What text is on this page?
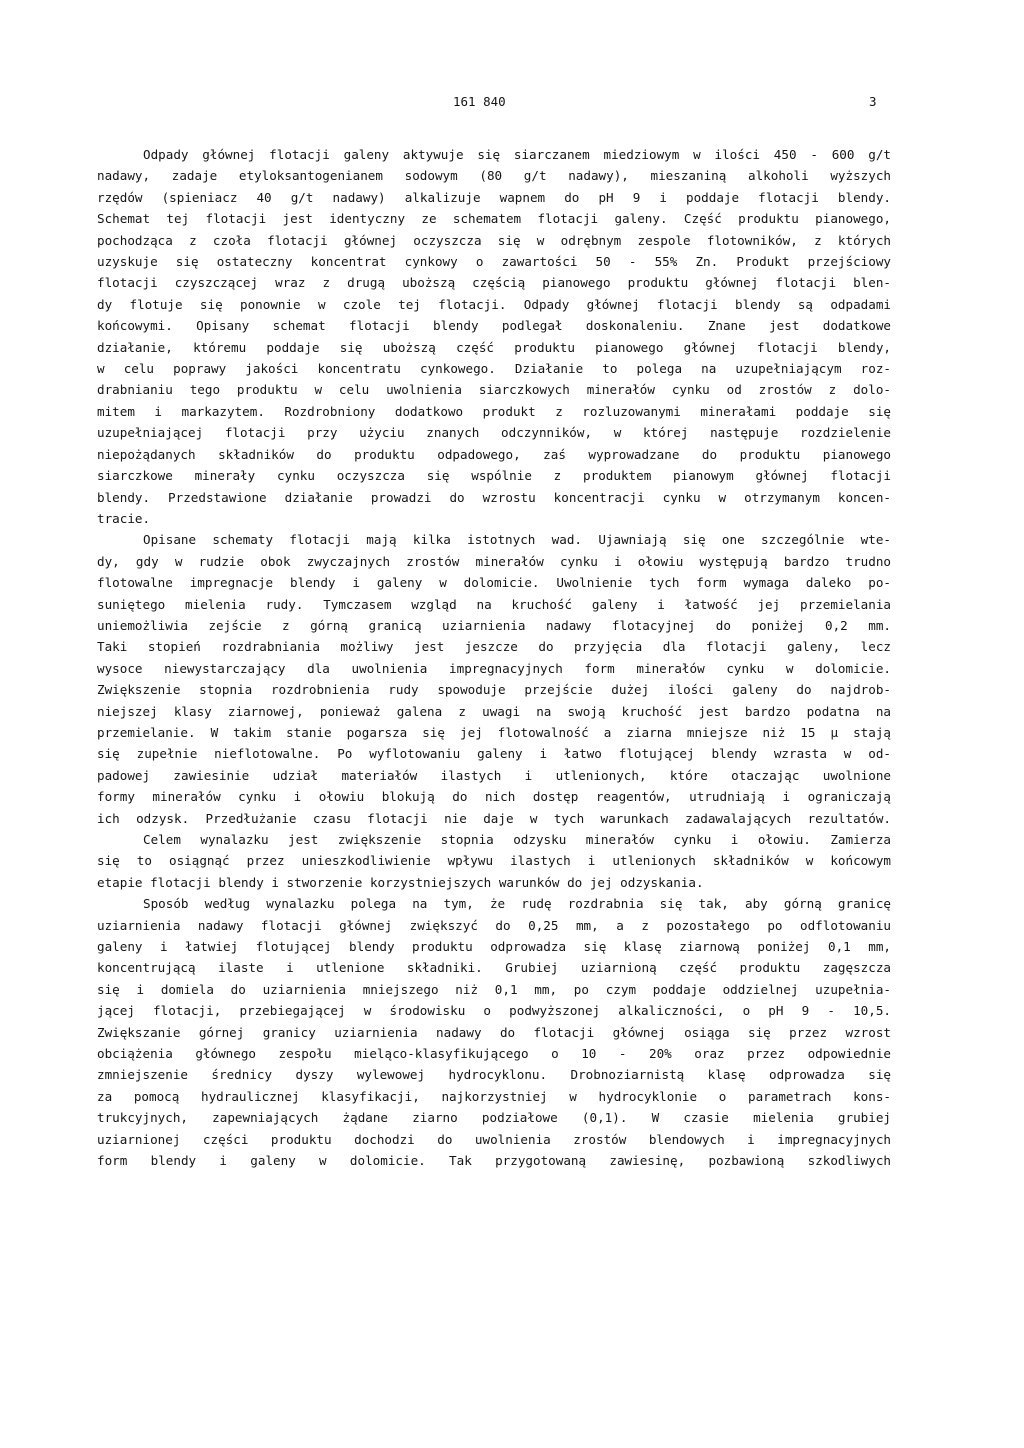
161 840	3
Odpady głównej flotacji galeny aktywuje się siarczanem miedziowym w ilości 450 - 600 g/t
nadawy, zadaje etyloksantogenianem sodowym (80 g/t nadawy), mieszaniną alkoholi wyższych
rzędów (spieniacz 40 g/t nadawy) alkalizuje wapnem do pH 9 i poddaje flotacji blendy.
Schemat tej flotacji jest identyczny ze schematem flotacji galeny. Część produktu pianowego,
pochodząca z czoła flotacji głównej oczyszcza się w odrębnym zespole flotowników, z których
uzyskuje się ostateczny koncentrat cynkowy o zawartości 50 - 55% Zn. Produkt przejściowy
flotacji czyszczącej wraz z drugą uboższą częścią pianowego produktu głównej flotacji blen-
dy flotuje się ponownie w czole tej flotacji. Odpady głównej flotacji blendy są odpadami
końcowymi. Opisany schemat flotacji blendy podlegał doskonaleniu. Znane jest dodatkowe
działanie, któremu poddaje się uboższą część produktu pianowego głównej flotacji blendy,
w celu poprawy jakości koncentratu cynkowego. Działanie to polega na uzupełniającym roz-
drabnianiu tego produktu w celu uwolnienia siarczkowych minerałów cynku od zrostów z dolo-
mitem i markazytem. Rozdrobniony dodatkowo produkt z rozluzowanymi minerałami poddaje się
uzupełniającej flotacji przy użyciu znanych odczynników, w której następuje rozdzielenie
niepożądanych składników do produktu odpadowego, zaś wyprowadzane do produktu pianowego
siarczkowe minerały cynku oczyszcza się wspólnie z produktem pianowym głównej flotacji
blendy. Przedstawione działanie prowadzi do wzrostu koncentracji cynku w otrzymanym koncen-
tracie.
Opisane schematy flotacji mają kilka istotnych wad. Ujawniają się one szczególnie wte-
dy, gdy w rudzie obok zwyczajnych zrostów minerałów cynku i ołowiu występują bardzo trudno
flotowalne impregnacje blendy i galeny w dolomicie. Uwolnienie tych form wymaga daleko po-
suniętego mielenia rudy. Tymczasem wzgląd na kruchość galeny i łatwość jej przemielania
uniemożliwia zejście z górną granicą uziarnienia nadawy flotacyjnej do poniżej 0,2 mm.
Taki stopień rozdrabniania możliwy jest jeszcze do przyjęcia dla flotacji galeny, lecz
wysoce niewystarczający dla uwolnienia impregnacyjnych form minerałów cynku w dolomicie.
Zwiększenie stopnia rozdrobnienia rudy spowoduje przejście dużej ilości galeny do najdrob-
niejszej klasy ziarnowej, ponieważ galena z uwagi na swoją kruchość jest bardzo podatna na
przemielanie. W takim stanie pogarsza się jej flotowalność a ziarna mniejsze niż 15 µ stają
się zupełnie nieflotowalne. Po wyflotowaniu galeny i łatwo flotującej blendy wzrasta w od-
padowej zawiesinie udział materiałów ilastych i utlenionych, które otaczając uwolnione
formy minerałów cynku i ołowiu blokują do nich dostęp reagentów, utrudniają i ograniczają
ich odzysk. Przedłużanie czasu flotacji nie daje w tych warunkach zadawalających rezultatów.
Celem wynalazku jest zwiększenie stopnia odzysku minerałów cynku i ołowiu. Zamierza
się to osiągnąć przez unieszkodliwienie wpływu ilastych i utlenionych składników w końcowym
etapie flotacji blendy i stworzenie korzystniejszych warunków do jej odzyskania.
Sposób według wynalazku polega na tym, że rudę rozdrabnia się tak, aby górną granicę
uziarnienia nadawy flotacji głównej zwiększyć do 0,25 mm, a z pozostałego po odflotowaniu
galeny i łatwiej flotującej blendy produktu odprowadza się klasę ziarnową poniżej 0,1 mm,
koncentrującą ilaste i utlenione składniki. Grubiej uziarnioną część produktu zagęszcza
się i domiela do uziarnienia mniejszego niż 0,1 mm, po czym poddaje oddzielnej uzupełnia-
jącej flotacji, przebiegającej w środowisku o podwyższonej alkaliczności, o pH 9 - 10,5.
Zwiększanie górnej granicy uziarnienia nadawy do flotacji głównej osiąga się przez wzrost
obciążenia głównego zespołu mieląco-klasyfikującego o 10 - 20% oraz przez odpowiednie
zmniejszenie średnicy dyszy wylewowej hydrocyklonu. Drobnoziarnistą klasę odprowadza się
za pomocą hydraulicznej klasyfikacji, najkorzystniej w hydrocyklonie o parametrach kons-
trukcyjnych, zapewniających żądane ziarno podziałowe (0,1). W czasie mielenia grubiej
uziarnionej części produktu dochodzi do uwolnienia zrostów blendowych i impregnacyjnych
form blendy i galeny w dolomicie. Tak przygotowaną zawiesinę, pozbawioną szkodliwych
